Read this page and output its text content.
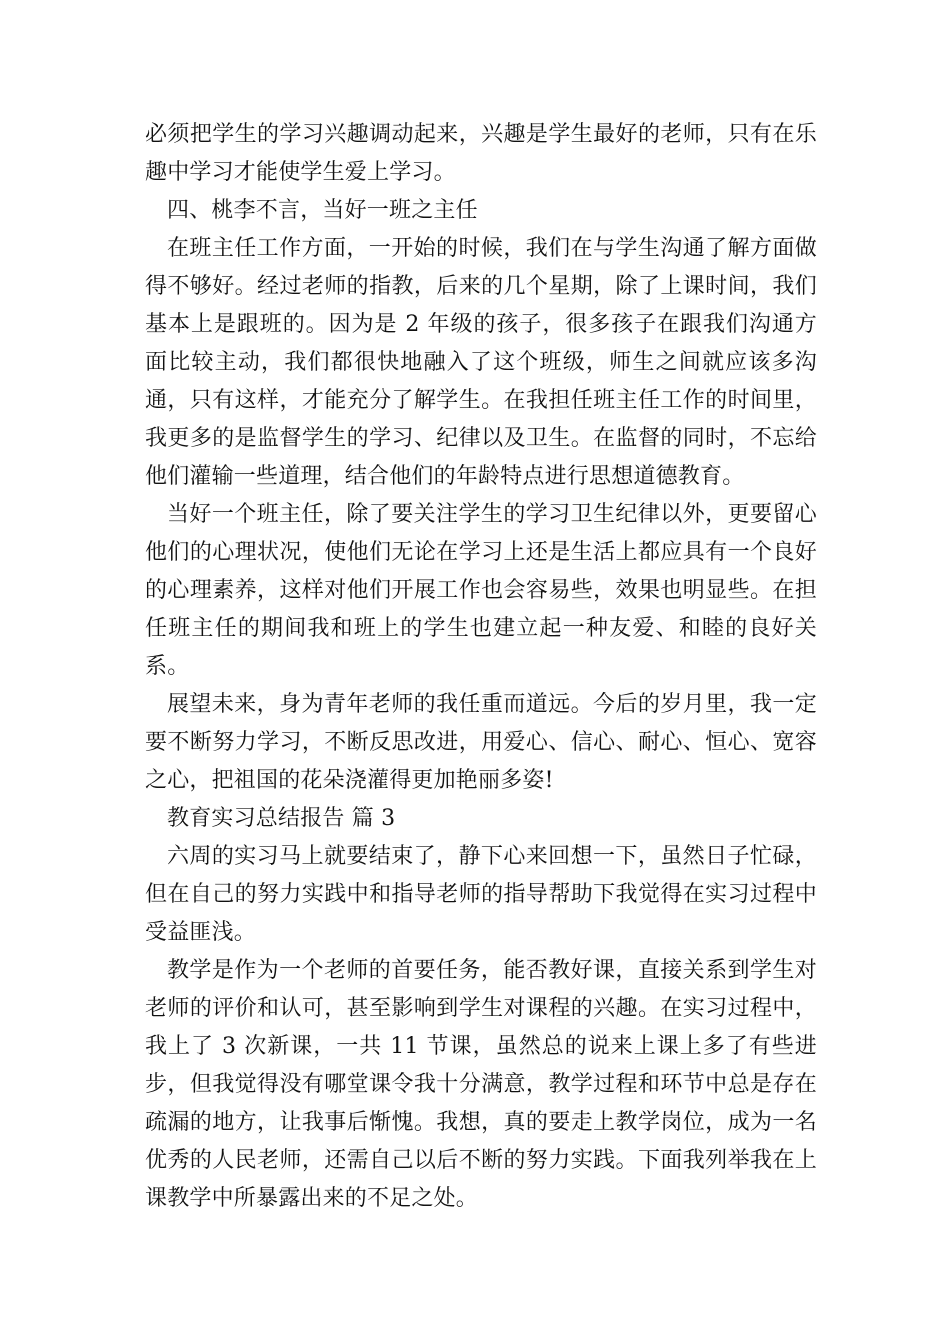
必须把学生的学习兴趣调动起来，兴趣是学生最好的老师，只有在乐趣中学习才能使学生爱上学习。

四、桃李不言，当好一班之主任

在班主任工作方面，一开始的时候，我们在与学生沟通了解方面做得不够好。经过老师的指教，后来的几个星期，除了上课时间，我们基本上是跟班的。因为是 2 年级的孩子，很多孩子在跟我们沟通方面比较主动，我们都很快地融入了这个班级，师生之间就应该多沟通，只有这样，才能充分了解学生。在我担任班主任工作的时间里，我更多的是监督学生的学习、纪律以及卫生。在监督的同时，不忘给他们灌输一些道理，结合他们的年龄特点进行思想道德教育。

当好一个班主任，除了要关注学生的学习卫生纪律以外，更要留心他们的心理状况，使他们无论在学习上还是生活上都应具有一个良好的心理素养，这样对他们开展工作也会容易些，效果也明显些。在担任班主任的期间我和班上的学生也建立起一种友爱、和睦的良好关系。

展望未来，身为青年老师的我任重而道远。今后的岁月里，我一定要不断努力学习，不断反思改进，用爱心、信心、耐心、恒心、宽容之心，把祖国的花朵浇灌得更加艳丽多姿!

教育实习总结报告 篇 3

六周的实习马上就要结束了，静下心来回想一下，虽然日子忙碌，但在自己的努力实践中和指导老师的指导帮助下我觉得在实习过程中受益匪浅。

教学是作为一个老师的首要任务，能否教好课，直接关系到学生对老师的评价和认可，甚至影响到学生对课程的兴趣。在实习过程中，我上了 3 次新课，一共 11 节课，虽然总的说来上课上多了有些进步，但我觉得没有哪堂课令我十分满意，教学过程和环节中总是存在疏漏的地方，让我事后惭愧。我想，真的要走上教学岗位，成为一名优秀的人民老师，还需自己以后不断的努力实践。下面我列举我在上课教学中所暴露出来的不足之处。
